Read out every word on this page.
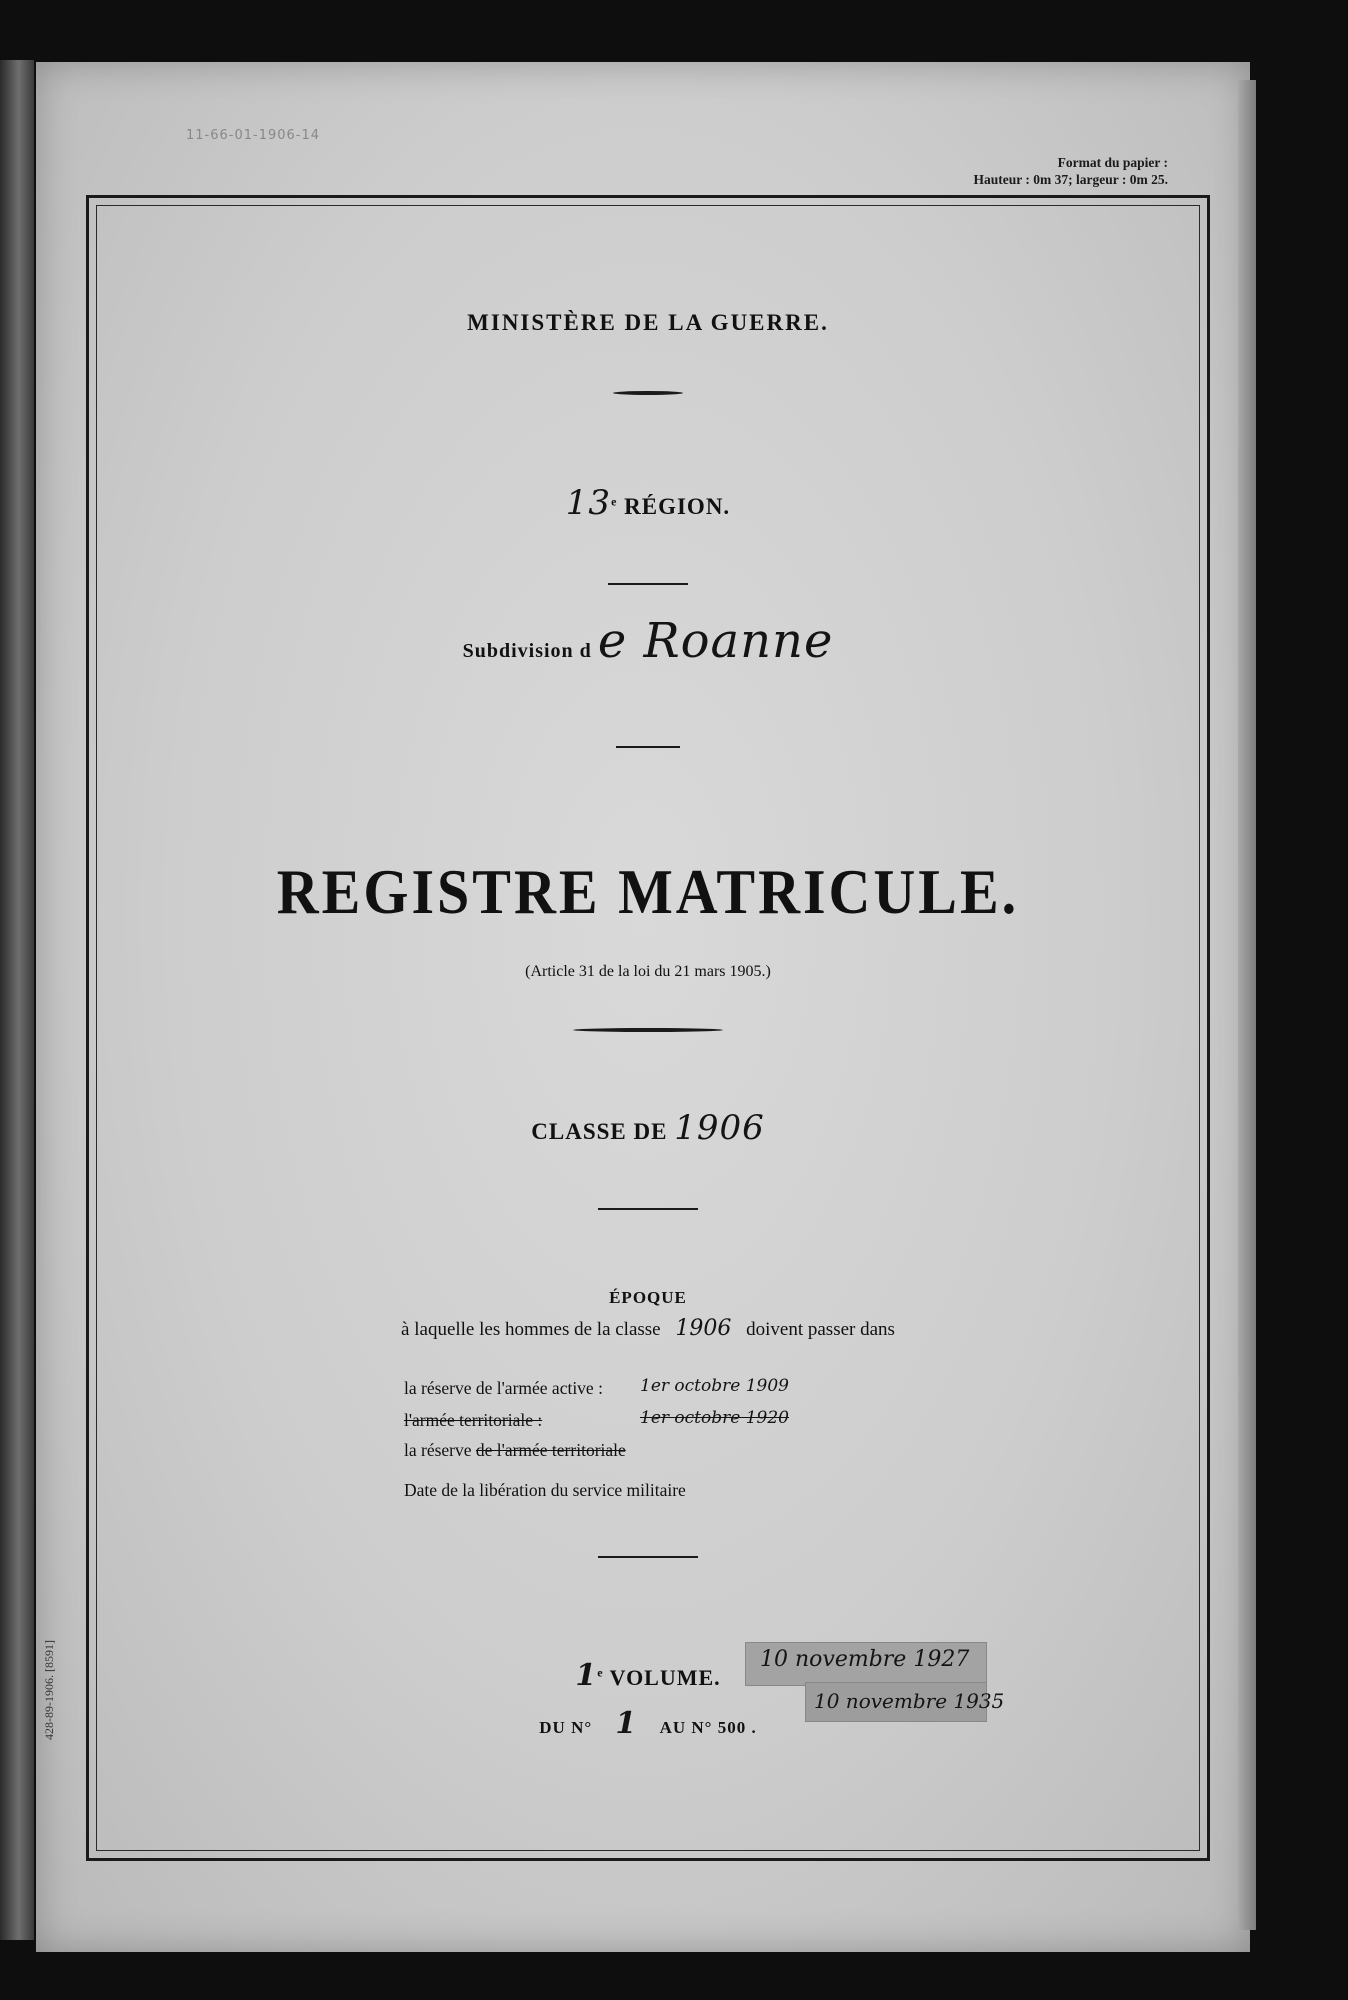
11-66-01-1906-14
Format du papier :
Hauteur : 0m 37; largeur : 0m 25.
MINISTÈRE DE LA GUERRE.
13e RÉGION.
Subdivision d e Roanne
REGISTRE MATRICULE.
(Article 31 de la loi du 21 mars 1905.)
CLASSE DE 1906
ÉPOQUE
à laquelle les hommes de la classe 1906 doivent passer dans
la réserve de l'armée active : 1er octobre 1909
l'armée territoriale :	1er octobre 1920
la réserve de l'armée territoriale
10 novembre 1927
Date de la libération du service militaire
10 novembre 1935
1e VOLUME.
DU N° 1 AU N° 500 .
428-89-1906. [8591]
